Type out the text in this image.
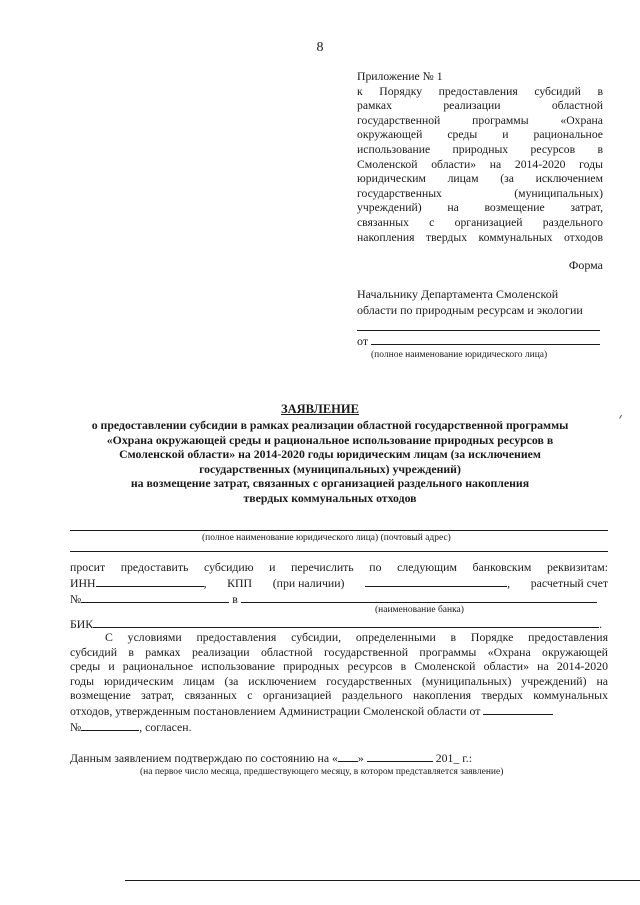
8
Приложение № 1
к Порядку предоставления субсидий в
рамках реализации областной
государственной программы «Охрана
окружающей среды и рациональное
использование природных ресурсов в
Смоленской области» на 2014-2020 годы
юридическим лицам (за исключением
государственных (муниципальных)
учреждений) на возмещение затрат,
связанных с организацией раздельного
накопления твердых коммунальных отходов
Форма
Начальнику Департамента Смоленской
области по природным ресурсам и экологии
от
(полное наименование юридического лица)
ЗАЯВЛЕНИЕ
о предоставлении субсидии в рамках реализации областной государственной программы
«Охрана окружающей среды и рациональное использование природных ресурсов в
Смоленской области» на 2014-2020 годы юридическим лицам (за исключением
государственных (муниципальных) учреждений)
на возмещение затрат, связанных с организацией раздельного накопления
твердых коммунальных отходов
(полное наименование юридического лица) (почтовый адрес)
просит предоставить субсидию и перечислить по следующим банковским реквизитам:
ИНН	, КПП (при наличии)	, расчетный счет
№	в
(наименование банка)
БИК	.
С условиями предоставления субсидии, определенными в Порядке предоставления
субсидий в рамках реализации областной государственной программы «Охрана окружающей
среды и рациональное использование природных ресурсов в Смоленской области» на 2014-2020
годы юридическим лицам (за исключением государственных (муниципальных) учреждений) на
возмещение затрат, связанных с организацией раздельного накопления твердых коммунальных
отходов, утвержденным постановлением Администрации Смоленской области от
№	, согласен.
Данным заявлением подтверждаю по состоянию на « »	201_ г.:
(на первое число месяца, предшествующего месяцу, в котором представляется заявление)
